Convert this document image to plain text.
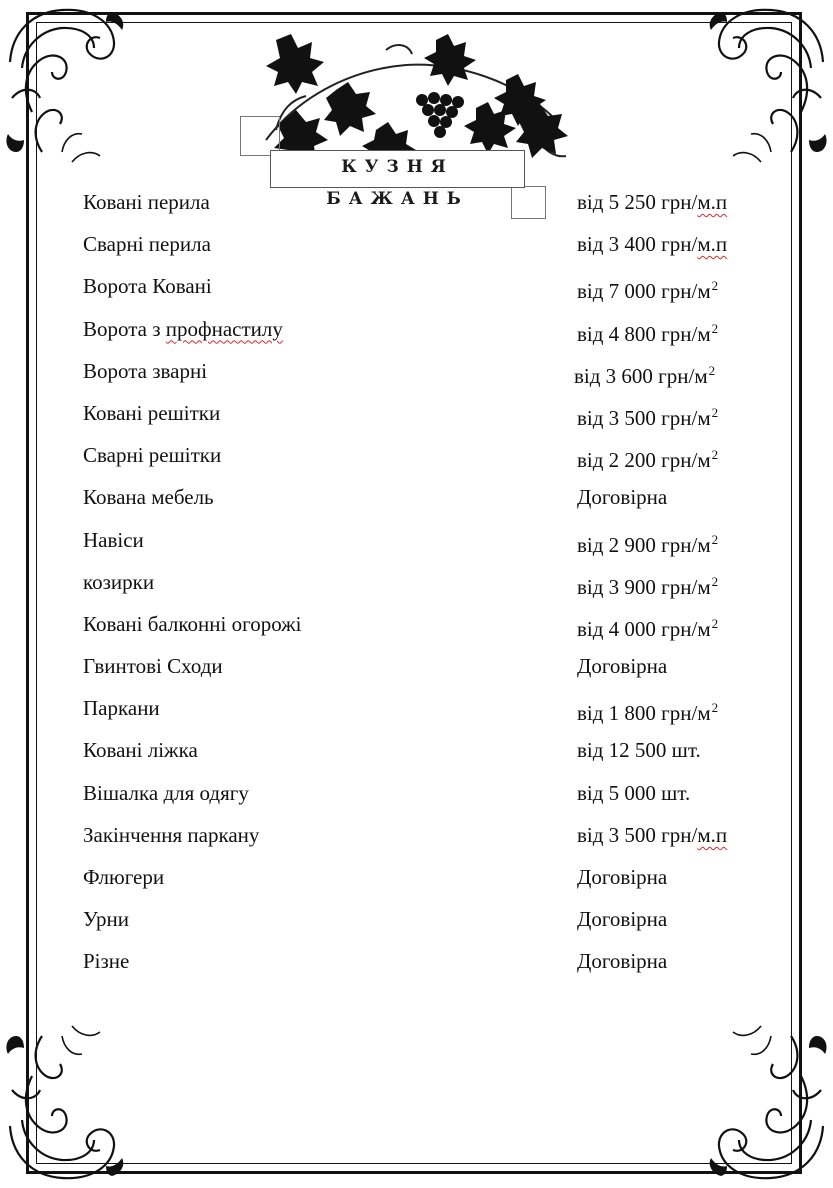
КУЗНЯ БАЖАНЬ
Ковані перила	від 5 250 грн/м.п
Сварні перила	від 3 400 грн/м.п
Ворота Ковані	від 7 000 грн/$м^2$
Ворота з профнастилу	від 4 800 грн/$м^2$
Ворота зварні	від 3 600 грн/$м^2$
Ковані решітки	від 3 500 грн/$м^2$
Сварні решітки	від 2 200 грн/$м^2$
Кована мебель	Договірна
Навіси	від 2 900 грн/$м^2$
козирки	від 3 900 грн/$м^2$
Ковані балконні огорожі	від 4 000 грн/$м^2$
Гвинтові Сходи	Договірна
Паркани	від 1 800 грн/$м^2$
Ковані ліжка	від 12 500 шт.
Вішалка для одягу	від 5 000 шт.
Закінчення паркану	від 3 500 грн/м.п
Флюгери	Договірна
Урни	Договірна
Різне	Договірна
